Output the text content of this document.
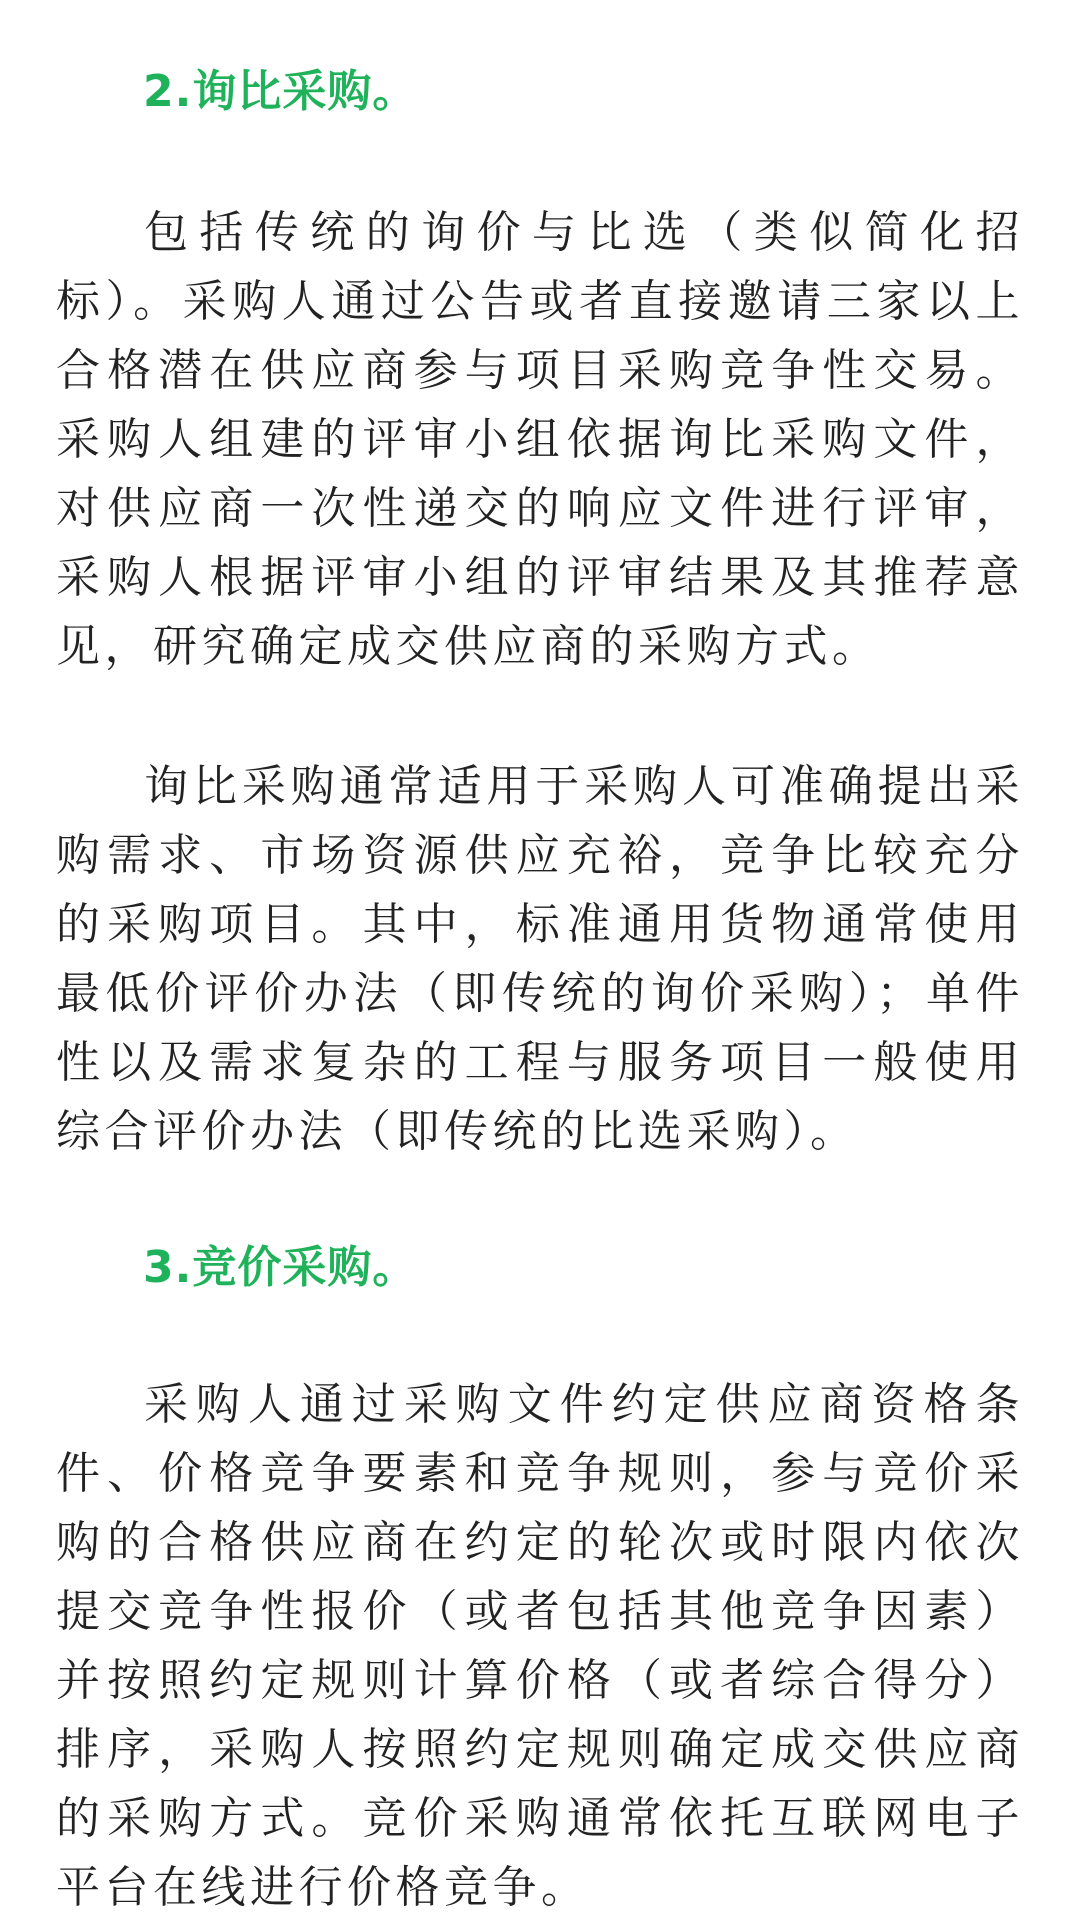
2.询比采购。

包括传统的询价与比选（类似简化招标）。采购人通过公告或者直接邀请三家以上合格潜在供应商参与项目采购竞争性交易。采购人组建的评审小组依据询比采购文件，对供应商一次性递交的响应文件进行评审，采购人根据评审小组的评审结果及其推荐意见，研究确定成交供应商的采购方式。

询比采购通常适用于采购人可准确提出采购需求、市场资源供应充裕，竞争比较充分的采购项目。其中，标准通用货物通常使用最低价评价办法（即传统的询价采购）；单件性以及需求复杂的工程与服务项目一般使用综合评价办法（即传统的比选采购）。

3.竞价采购。

采购人通过采购文件约定供应商资格条件、价格竞争要素和竞争规则，参与竞价采购的合格供应商在约定的轮次或时限内依次提交竞争性报价（或者包括其他竞争因素）并按照约定规则计算价格（或者综合得分）排序，采购人按照约定规则确定成交供应商的采购方式。竞价采购通常依托互联网电子平台在线进行价格竞争。
